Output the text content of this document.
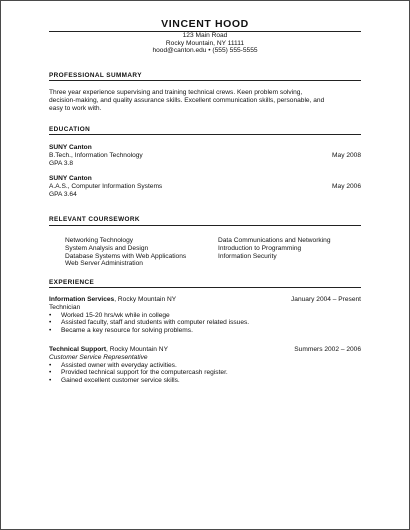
VINCENT HOOD
123 Main Road
Rocky Mountain, NY 11111
hood@canton.edu • (555) 555-5555
PROFESSIONAL SUMMARY
Three year experience supervising and training technical crews. Keen problem solving,
decision-making, and quality assurance skills. Excellent communication skills, personable, and
easy to work with.
EDUCATION
SUNY Canton
B.Tech., Information Technology	May 2008
GPA 3.8
SUNY Canton
A.A.S., Computer Information Systems	May 2006
GPA 3.64
RELEVANT COURSEWORK
Networking Technology
System Analysis and Design
Database Systems with Web Applications
Web Server Administration
Data Communications and Networking
Introduction to Programming
Information Security
EXPERIENCE
Information Services, Rocky Mountain NY	January 2004 – Present
Technician
• Worked 15-20 hrs/wk while in college
• Assisted faculty, staff and students with computer related issues.
• Became a key resource for solving problems.
Technical Support, Rocky Mountain NY	Summers 2002 – 2006
Customer Service Representative
• Assisted owner with everyday activities.
• Provided technical support for the computercash register.
• Gained excellent customer service skills.
